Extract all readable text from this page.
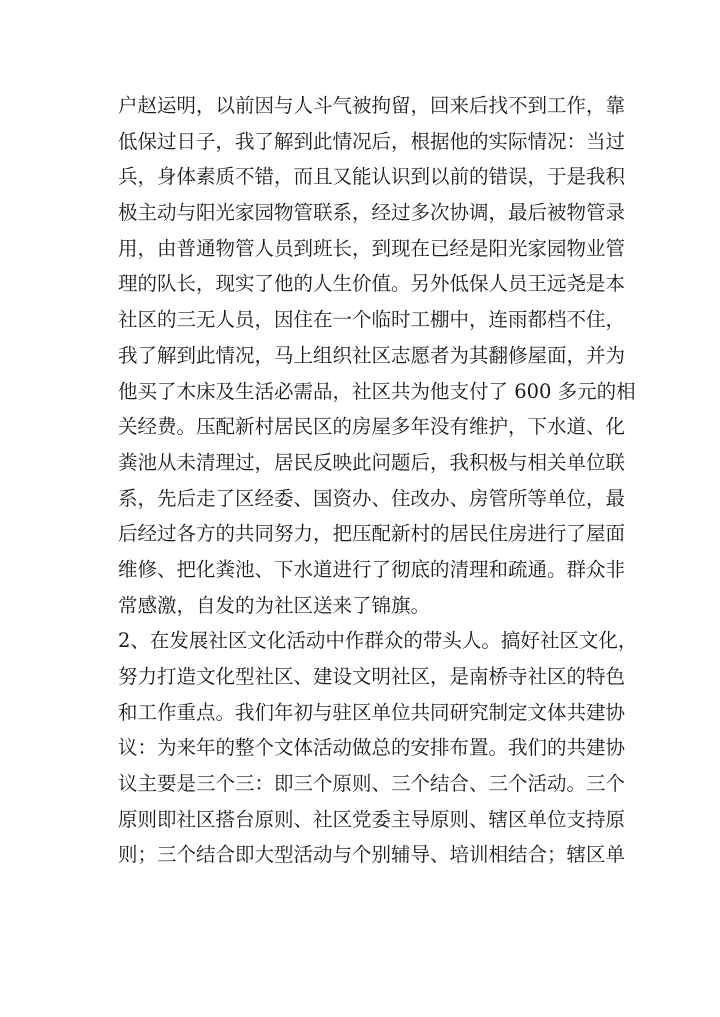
户赵运明，以前因与人斗气被拘留，回来后找不到工作，靠
低保过日子，我了解到此情况后，根据他的实际情况：当过
兵，身体素质不错，而且又能认识到以前的错误，于是我积
极主动与阳光家园物管联系，经过多次协调，最后被物管录
用，由普通物管人员到班长，到现在已经是阳光家园物业管
理的队长，现实了他的人生价值。另外低保人员王远尧是本
社区的三无人员，因住在一个临时工棚中，连雨都档不住，
我了解到此情况，马上组织社区志愿者为其翻修屋面，并为
他买了木床及生活必需品，社区共为他支付了 600 多元的相
关经费。压配新村居民区的房屋多年没有维护，下水道、化
粪池从未清理过，居民反映此问题后，我积极与相关单位联
系，先后走了区经委、国资办、住改办、房管所等单位，最
后经过各方的共同努力，把压配新村的居民住房进行了屋面
维修、把化粪池、下水道进行了彻底的清理和疏通。群众非
常感激，自发的为社区送来了锦旗。
2、在发展社区文化活动中作群众的带头人。搞好社区文化，
努力打造文化型社区、建设文明社区，是南桥寺社区的特色
和工作重点。我们年初与驻区单位共同研究制定文体共建协
议：为来年的整个文体活动做总的安排布置。我们的共建协
议主要是三个三：即三个原则、三个结合、三个活动。三个
原则即社区搭台原则、社区党委主导原则、辖区单位支持原
则；三个结合即大型活动与个别辅导、培训相结合；辖区单
